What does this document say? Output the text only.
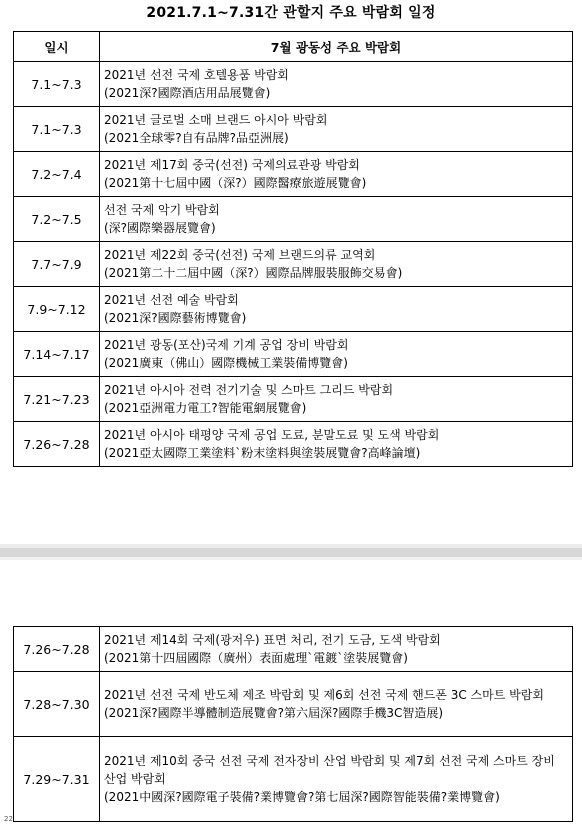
2021.7.1~7.31간 관할지 주요 박람회 일정
일시	7월 광동성 주요 박람회
7.1~7.3	2021년 선전 국제 호텔용품 박람회
(2021深?國際酒店用品展覽會)

7.1~7.3	2021년 글로벌 소매 브랜드 아시아 박람회
(2021全球零?自有品牌?品亞洲展)

7.2~7.4	2021년 제17회 중국(선전) 국제의료관광 박람회
(2021第十七屆中國（深?）國際醫療旅遊展覽會)

7.2~7.5	선전 국제 악기 박람회
(深?國際樂器展覽會)

7.7~7.9	2021년 제22회 중국(선전) 국제 브랜드의류 교역회
(2021第二十二屆中國（深?）國際品牌服裝服飾交易會)

7.9~7.12	2021년 선전 예술 박람회
(2021深?國際藝術博覽會)

7.14~7.17	2021년 광동(포산)국제 기계 공업 장비 박람회
(2021廣東（佛山）國際機械工業裝備博覽會)

7.21~7.23	2021년 아시아 전력 전기기술 및 스마트 그리드 박람회
(2021亞洲電力電工?智能電網展覽會)

7.26~7.28	2021년 아시아 태평양 국제 공업 도료, 분말도료 및 도색 박람회
(2021亞太國際工業塗料`粉末塗料與塗裝展覽會?高峰論壇)
7.26~7.28	2021년 제14회 국제(광저우) 표면 처리, 전기 도금, 도색 박람회
(2021第十四屆國際（廣州）表面處理`電鍍`塗裝展覽會)

7.28~7.30	2021년 선전 국제 반도체 제조 박람회 및 제6회 선전 국제 핸드폰 3C 스마트 박람회
(2021深?國際半導體制造展覽會?第六屆深?國際手機3C智造展)

7.29~7.31	2021년 제10회 중국 선전 국제 전자장비 산업 박람회 및 제7회 선전 국제 스마트 장비 산업 박람회
(2021中國深?國際電子裝備?業博覽會?第七屆深?國際智能裝備?業博覽會)
22
